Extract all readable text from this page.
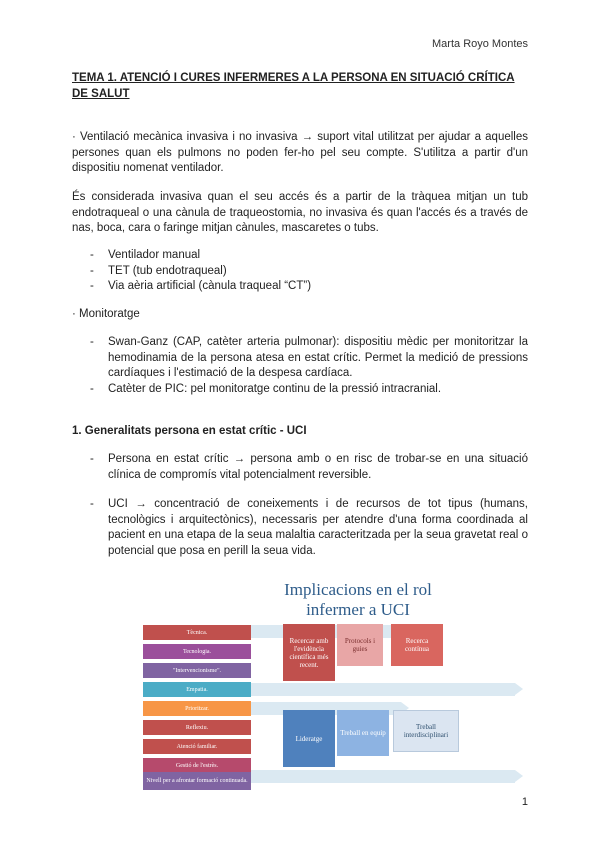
Marta Royo Montes
TEMA 1. ATENCIÓ I CURES INFERMERES A LA PERSONA EN SITUACIÓ CRÍTICA DE SALUT
· Ventilació mecànica invasiva i no invasiva → suport vital utilitzat per ajudar a aquelles persones quan els pulmons no poden fer-ho pel seu compte. S'utilitza a partir d'un dispositiu nomenat ventilador.
És considerada invasiva quan el seu accés és a partir de la tràquea mitjan un tub endotraqueal o una cànula de traqueostomia, no invasiva és quan l'accés és a través de nas, boca, cara o faringe mitjan cànules, mascaretes o tubs.
- Ventilador manual
- TET (tub endotraqueal)
- Via aèria artificial (cànula traqueal “CT”)
· Monitoratge
- Swan-Ganz (CAP, catèter arteria pulmonar): dispositiu mèdic per monitoritzar la hemodinamia de la persona atesa en estat crític. Permet la medició de pressions cardíaques i l'estimació de la despesa cardíaca.
- Catèter de PIC: pel monitoratge continu de la pressió intracranial.
1. Generalitats persona en estat crític - UCI
- Persona en estat crític → persona amb o en risc de trobar-se en una situació clínica de compromís vital potencialment reversible.
- UCI → concentració de coneixements i de recursos de tot tipus (humans, tecnològics i arquitectònics), necessaris per atendre d'una forma coordinada al pacient en una etapa de la seua malaltia caracteritzada per la seua gravetat real o potencial que posa en perill la seua vida.
Implicacions en el rol infermer a UCI
Tècnica.
Tecnologia.
"Intervencionisme".
Empatia.
Prioritzar.
Reflexiu.
Atenció familiar.
Gestió de l'estrès.
Nivell per a afrontar formació continuada.
Recercar amb l'evidència científica més recent.
Protocols i guies
Recerca contínua
Lideratge
Treball en equip
Treball interdisciplinari
1
